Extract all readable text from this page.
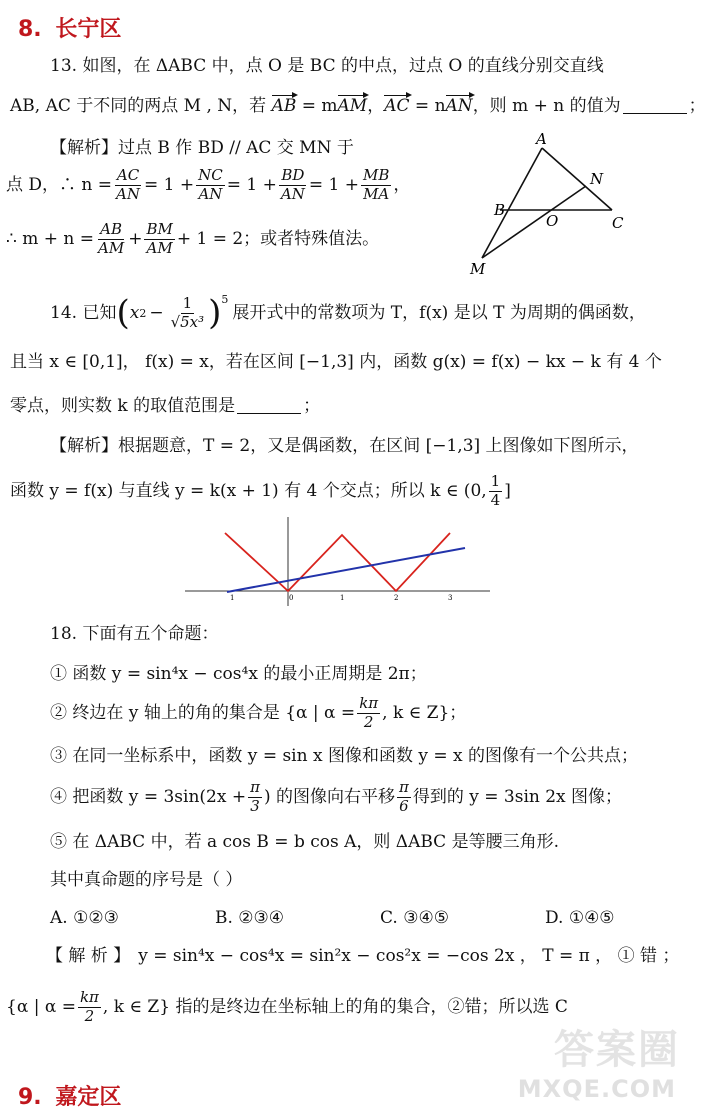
8. 长宁区
13. 如图，在 ΔABC 中，点 O 是 BC 的中点，过点 O 的直线分别交直线
AB, AC 于不同的两点 M , N，若 AB = mAM，AC = nAN，则 m + n 的值为	；
【解析】过点 B 作 BD // AC 交 MN 于
点 D，∴ $n = \frac{AC}{AN} = 1 + \frac{NC}{AN} = 1 + \frac{BD}{AN} = 1 + \frac{MB}{MA}$ ，
∴ $m + n = \frac{AB}{AM} + \frac{BM}{AM} + 1 = 2$；或者特殊值法。
A
N
B
O	C
M
14. 已知 ( x $2 - \frac{1}{\text{√5x³}} )^5$
展开式中的常数项为 T，f(x) 是以 T 为周期的偶函数，
且当 x ∈ [0,1]， f(x) = x，若在区间 [−1,3] 内，函数 g(x) = f(x) − kx − k 有 4 个
零点，则实数 k 的取值范围是	；
【解析】根据题意，T = 2，又是偶函数，在区间 [−1,3] 上图像如下图所示，
函数 y = f(x) 与直线 y = k(x + 1) 有 4 个交点；所以 k ∈ (0, $\frac{1}{4}$ ]
1	0	1	2	3
18. 下面有五个命题：
① 函数 y = sin⁴x − cos⁴x 的最小正周期是 2π；
② 终边在 y 轴上的角的集合是 {α | $\alpha = \frac{k\pi}{2}$ , k ∈ Z}；
③ 在同一坐标系中，函数 y = sin x 图像和函数 y = x 的图像有一个公共点；
④ 把函数 $y = 3\sin(2x + \frac{\pi}{3}$ ) 的图像向右平移 $\frac{\pi}{6}$ 得到的 y = 3sin 2x 图像；
⑤ 在 ΔABC 中，若 a cos B = b cos A，则 ΔABC 是等腰三角形.
其中真命题的序号是（ ）
A. ①②③	B. ②③④	C. ③④⑤	D. ①④⑤
【 解 析 】 y = sin⁴x − cos⁴x = sin²x − cos²x = −cos 2x ， T = π ， ① 错 ；
{α | $\alpha = \frac{k\pi}{2}$ , k ∈ Z} 指的是终边在坐标轴上的角的集合，②错；所以选 C
9. 嘉定区
答案圈
MXQE.COM
